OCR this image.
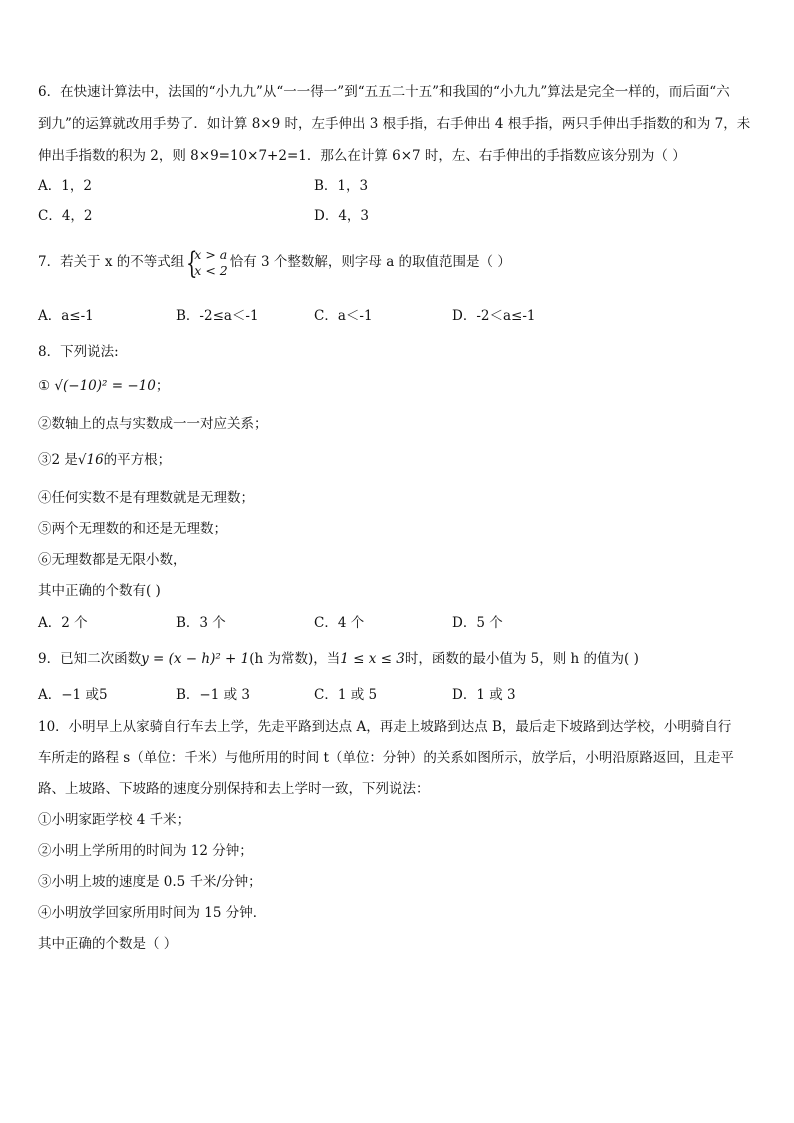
6．在快速计算法中，法国的“小九九”从“一一得一”到“五五二十五”和我国的“小九九”算法是完全一样的，而后面“六
到九”的运算就改用手势了．如计算 8×9 时，左手伸出 3 根手指，右手伸出 4 根手指，两只手伸出手指数的和为 7，未
伸出手指数的积为 2，则 8×9=10×7+2=1．那么在计算 6×7 时，左、右手伸出的手指数应该分别为（ ）
A．1，2	B．1，3
C．4，2	D．4，3
7．若关于 x 的不等式组 {
x > a
x < 2 恰有 3 个整数解，则字母 a 的取值范围是（ ）
A．a≤-1	B．-2≤a＜-1	C．a＜-1	D．-2＜a≤-1
8．下列说法:
① √(−10)² = −10；
②数轴上的点与实数成一一对应关系；
③2 是√16的平方根；
④任何实数不是有理数就是无理数；
⑤两个无理数的和还是无理数；
⑥无理数都是无限小数，
其中正确的个数有( )
A．2 个	B．3 个	C．4 个	D．5 个
9．已知二次函数y = (x − h)² + 1(h 为常数)，当1 ≤ x ≤ 3时，函数的最小值为 5，则 h 的值为( )
A．−1 或5	B．−1 或 3	C．1 或 5	D．1 或 3
10．小明早上从家骑自行车去上学，先走平路到达点 A，再走上坡路到达点 B，最后走下坡路到达学校，小明骑自行
车所走的路程 s（单位：千米）与他所用的时间 t（单位：分钟）的关系如图所示，放学后，小明沿原路返回，且走平
路、上坡路、下坡路的速度分别保持和去上学时一致，下列说法：
①小明家距学校 4 千米；
②小明上学所用的时间为 12 分钟；
③小明上坡的速度是 0.5 千米/分钟；
④小明放学回家所用时间为 15 分钟．
其中正确的个数是（ ）
